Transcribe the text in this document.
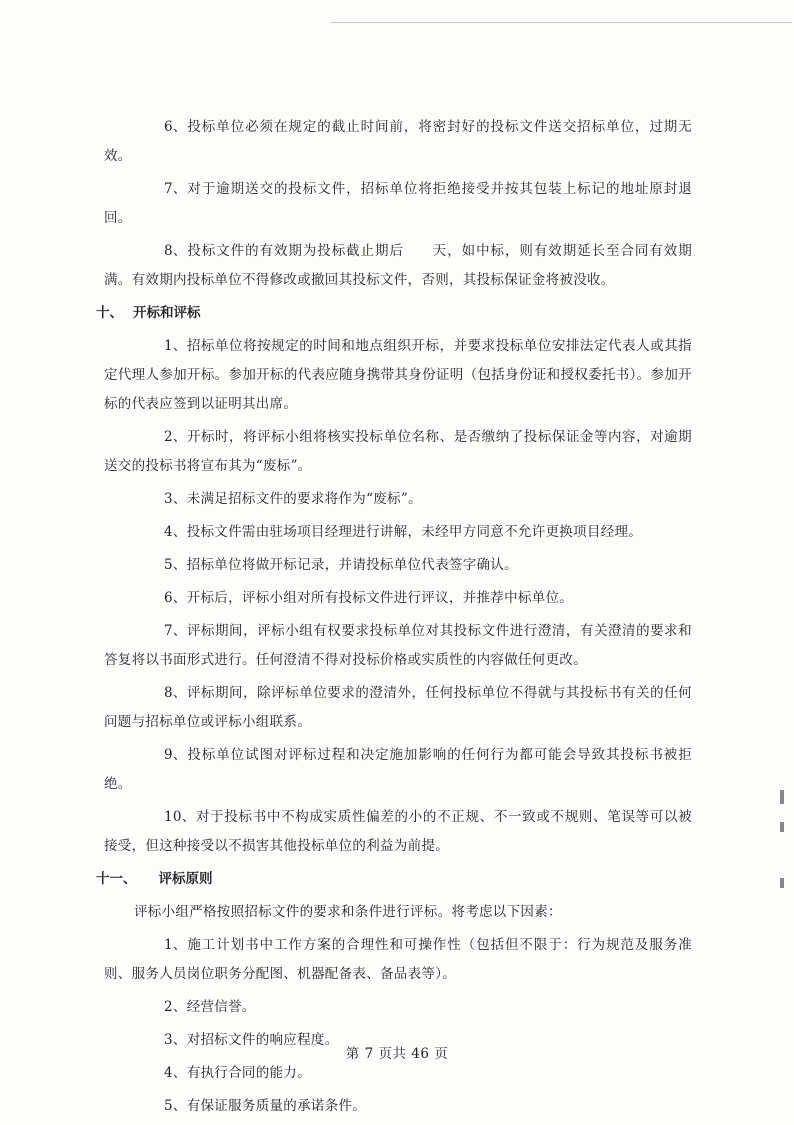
6、投标单位必须在规定的截止时间前，将密封好的投标文件送交招标单位，过期无效。

7、对于逾期送交的投标文件，招标单位将拒绝接受并按其包装上标记的地址原封退回。

8、投标文件的有效期为投标截止期后　　天，如中标，则有效期延长至合同有效期满。有效期内投标单位不得修改或撤回其投标文件，否则，其投标保证金将被没收。

十、 开标和评标

1、招标单位将按规定的时间和地点组织开标，并要求投标单位安排法定代表人或其指定代理人参加开标。参加开标的代表应随身携带其身份证明（包括身份证和授权委托书）。参加开标的代表应签到以证明其出席。

2、开标时，将评标小组将核实投标单位名称、是否缴纳了投标保证金等内容，对逾期送交的投标书将宣布其为“废标”。

3、未满足招标文件的要求将作为“废标”。

4、投标文件需由驻场项目经理进行讲解，未经甲方同意不允许更换项目经理。

5、招标单位将做开标记录，并请投标单位代表签字确认。

6、开标后，评标小组对所有投标文件进行评议，并推荐中标单位。

7、评标期间，评标小组有权要求投标单位对其投标文件进行澄清，有关澄清的要求和答复将以书面形式进行。任何澄清不得对投标价格或实质性的内容做任何更改。

8、评标期间，除评标单位要求的澄清外，任何投标单位不得就与其投标书有关的任何问题与招标单位或评标小组联系。

9、投标单位试图对评标过程和决定施加影响的任何行为都可能会导致其投标书被拒绝。

10、对于投标书中不构成实质性偏差的小的不正规、不一致或不规则、笔误等可以被接受，但这种接受以不损害其他投标单位的利益为前提。

十一、 评标原则

评标小组严格按照招标文件的要求和条件进行评标。将考虑以下因素：

1、施工计划书中工作方案的合理性和可操作性（包括但不限于：行为规范及服务准则、服务人员岗位职务分配图、机器配备表、备品表等）。

2、经营信誉。

3、对招标文件的响应程度。

4、有执行合同的能力。

5、有保证服务质量的承诺条件。

第 7 页共 46 页
